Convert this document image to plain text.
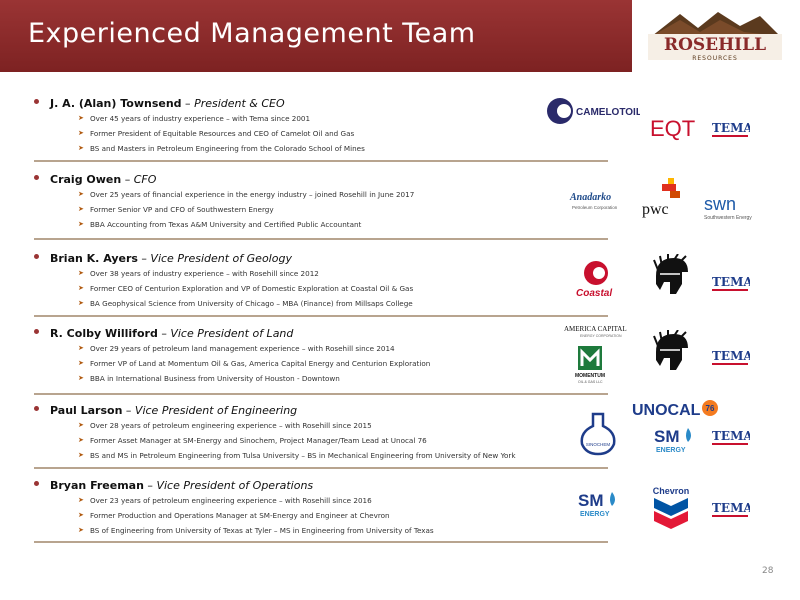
Experienced Management Team	ROSEHILL
RESOURCES
J. A. (Alan) Townsend – President & CEO
➤ Over 45 years of industry experience – with Tema since 2001
➤ Former President of Equitable Resources and CEO of Camelot Oil and Gas
➤ BS and Masters in Petroleum Engineering from the Colorado School of Mines
Craig Owen – CFO
➤ Over 25 years of financial experience in the energy industry – joined Rosehill in June 2017
➤ Former Senior VP and CFO of Southwestern Energy
➤ BBA Accounting from Texas A&M University and Certified Public Accountant
Brian K. Ayers – Vice President of Geology
➤ Over 38 years of industry experience – with Rosehill since 2012
➤ Former CEO of Centurion Exploration and VP of Domestic Exploration at Coastal Oil & Gas
➤ BA Geophysical Science from University of Chicago – MBA (Finance) from Millsaps College
R. Colby Williford – Vice President of Land
➤ Over 29 years of petroleum land management experience – with Rosehill since 2014
➤ Former VP of Land at Momentum Oil & Gas, America Capital Energy and Centurion Exploration
➤ BBA in International Business from University of Houston - Downtown
Paul Larson – Vice President of Engineering
➤ Over 28 years of petroleum engineering experience – with Rosehill since 2015
➤ Former Asset Manager at SM-Energy and Sinochem, Project Manager/Team Lead at Unocal 76
➤ BS and MS in Petroleum Engineering from Tulsa University – BS in Mechanical Engineering from University of New York
Bryan Freeman – Vice President of Operations
➤ Over 23 years of petroleum engineering experience – with Rosehill since 2016
➤ Former Production and Operations Manager at SM-Energy and Engineer at Chevron
➤ BS of Engineering from University of Texas at Tyler – MS in Engineering from University of Texas
CAMELOTOIL
EQT TEMA
Anadarko
Petroleum Corporation pwc swn
Southwestern Energy
Coastal
TEMA
AMERICA CAPITAL
ENERGY CORPORATION
MOMENTUM
OIL & GAS LLC
TEMA
UNOCAL 76
SINOCHEM	SM
ENERGY
TEMA
SM
ENERGY
Chevron
TEMA
28
